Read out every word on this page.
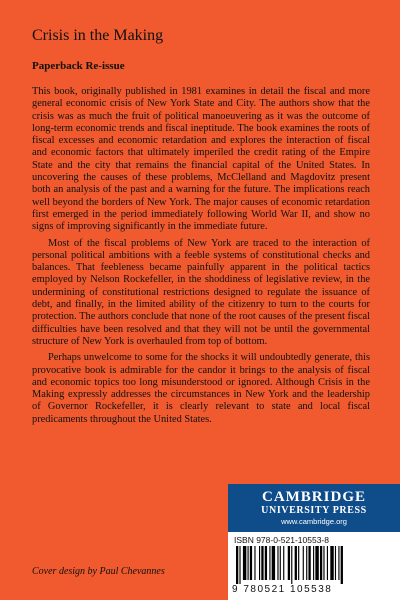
Crisis in the Making
Paperback Re-issue

This book, originally published in 1981 examines in detail the fiscal and more general economic crisis of New York State and City. The authors show that the crisis was as much the fruit of political manoeuvering as it was the outcome of long-term economic trends and fiscal ineptitude. The book examines the roots of fiscal excesses and economic retardation and explores the interaction of fiscal and economic factors that ultimately imperiled the credit rating of the Empire State and the city that remains the financial capital of the United States. In uncovering the causes of these problems, McClelland and Magdovitz present both an analysis of the past and a warning for the future. The implications reach well beyond the borders of New York. The major causes of economic retardation first emerged in the period immediately following World War II, and show no signs of improving significantly in the immediate future.

Most of the fiscal problems of New York are traced to the interaction of personal political ambitions with a feeble systems of constitutional checks and balances. That feebleness became painfully apparent in the political tactics employed by Nelson Rockefeller, in the shoddiness of legislative review, in the undermining of constitutional restrictions designed to regulate the issuance of debt, and finally, in the limited ability of the citizenry to turn to the courts for protection. The authors conclude that none of the root causes of the present fiscal difficulties have been resolved and that they will not be until the governmental structure of New York is overhauled from top of bottom.

Perhaps unwelcome to some for the shocks it will undoubtedly generate, this provocative book is admirable for the candor it brings to the analysis of fiscal and economic topics too long misunderstood or ignored. Although Crisis in the Making expressly addresses the circumstances in New York and the leadership of Governor Rockefeller, it is clearly relevant to state and local fiscal predicaments throughout the United States.

CAMBRIDGE
UNIVERSITY PRESS
www.cambridge.org
ISBN 978-0-521-10553-8
9 780521 105538
Cover design by Paul Chevannes
